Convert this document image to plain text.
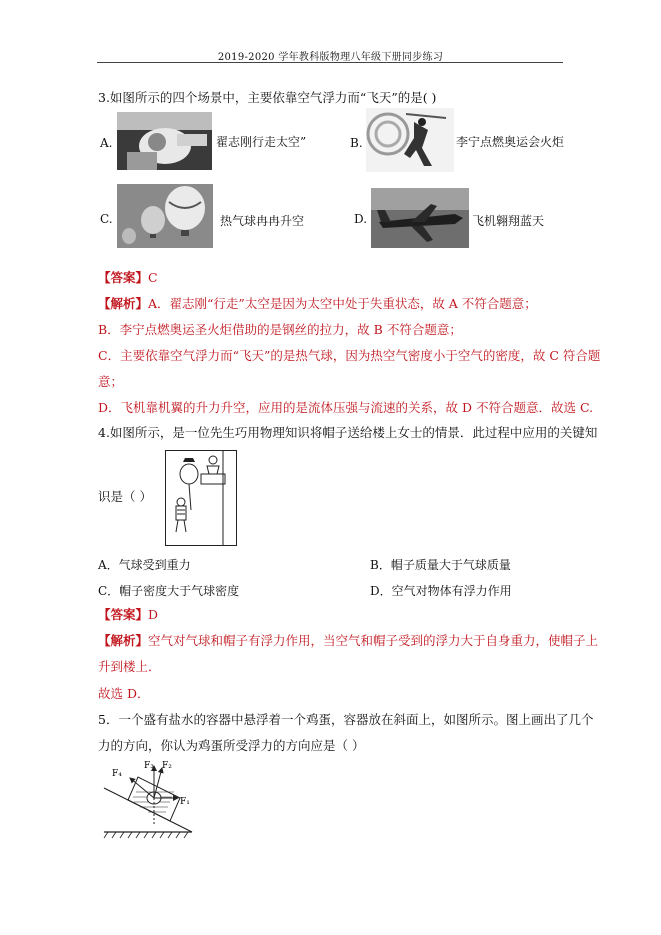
2019-2020 学年教科版物理八年级下册同步练习
3.如图所示的四个场景中，主要依靠空气浮力而“飞天”的是( )
A.	翟志刚行走太空”	B.	李宁点燃奥运会火炬
C.	热气球冉冉升空	D.	飞机翱翔蓝天
【答案】C
【解析】A．翟志刚“行走”太空是因为太空中处于失重状态，故 A 不符合题意；
B．李宁点燃奥运圣火炬借助的是钢丝的拉力，故 B 不符合题意；
C．主要依靠空气浮力而“飞天”的是热气球，因为热空气密度小于空气的密度，故 C 符合题
意；
D．飞机靠机翼的升力升空，应用的是流体压强与流速的关系，故 D 不符合题意．故选 C.
4.如图所示，是一位先生巧用物理知识将帽子送给楼上女士的情景．此过程中应用的关键知
识是（ ）
A．气球受到重力	B．帽子质量大于气球质量
C．帽子密度大于气球密度	D．空气对物体有浮力作用
【答案】D
【解析】空气对气球和帽子有浮力作用，当空气和帽子受到的浮力大于自身重力，使帽子上
升到楼上．
故选 D．
5．一个盛有盐水的容器中悬浮着一个鸡蛋，容器放在斜面上，如图所示。图上画出了几个
力的方向，你认为鸡蛋所受浮力的方向应是（ ）
F₁
F₂
F₃
F₄
